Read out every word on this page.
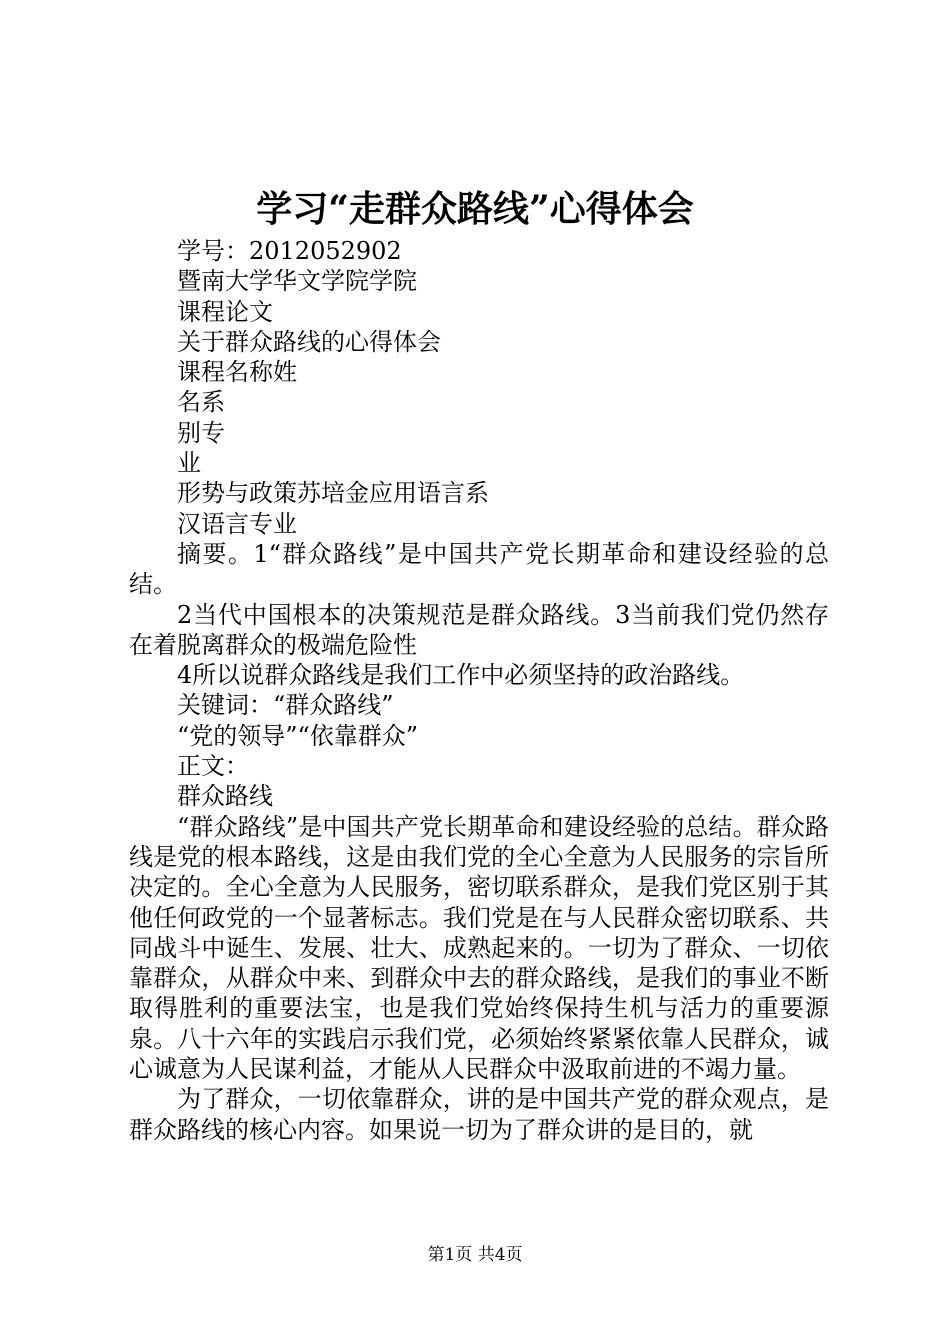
学习“走群众路线”心得体会

学号：2012052902

暨南大学华文学院学院

课程论文

关于群众路线的心得体会

课程名称姓

名系

别专

业

形势与政策苏培金应用语言系

汉语言专业

摘要。1“群众路线”是中国共产党长期革命和建设经验的总结。

2当代中国根本的决策规范是群众路线。3当前我们党仍然存在着脱离群众的极端危险性

4所以说群众路线是我们工作中必须坚持的政治路线。

关键词：“群众路线”

“党的领导”“依靠群众”

正文：

群众路线

“群众路线”是中国共产党长期革命和建设经验的总结。群众路线是党的根本路线，这是由我们党的全心全意为人民服务的宗旨所决定的。全心全意为人民服务，密切联系群众，是我们党区别于其他任何政党的一个显著标志。我们党是在与人民群众密切联系、共同战斗中诞生、发展、壮大、成熟起来的。一切为了群众、一切依靠群众，从群众中来、到群众中去的群众路线，是我们的事业不断取得胜利的重要法宝，也是我们党始终保持生机与活力的重要源泉。八十六年的实践启示我们党，必须始终紧紧依靠人民群众，诚心诚意为人民谋利益，才能从人民群众中汲取前进的不竭力量。

为了群众，一切依靠群众，讲的是中国共产党的群众观点，是群众路线的核心内容。如果说一切为了群众讲的是目的，就

第1页 共4页
